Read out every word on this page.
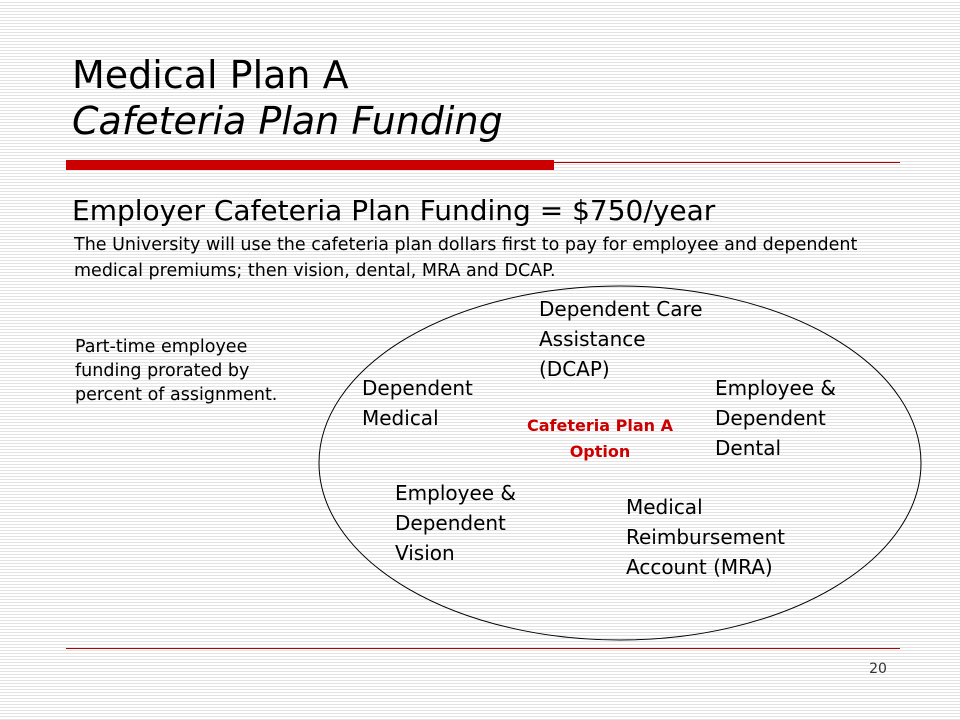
Medical Plan A
Cafeteria Plan Funding
Employer Cafeteria Plan Funding = $750/year

The University will use the cafeteria plan dollars first to pay for employee and dependent medical premiums; then vision, dental, MRA and DCAP.

Part-time employee funding prorated by percent of assignment.

Dependent Care
Assistance
(DCAP)
Dependent
Medical
Employee &
Dependent
Dental
Cafeteria Plan A
Option
Employee &
Dependent
Vision
Medical
Reimbursement
Account (MRA)
20
